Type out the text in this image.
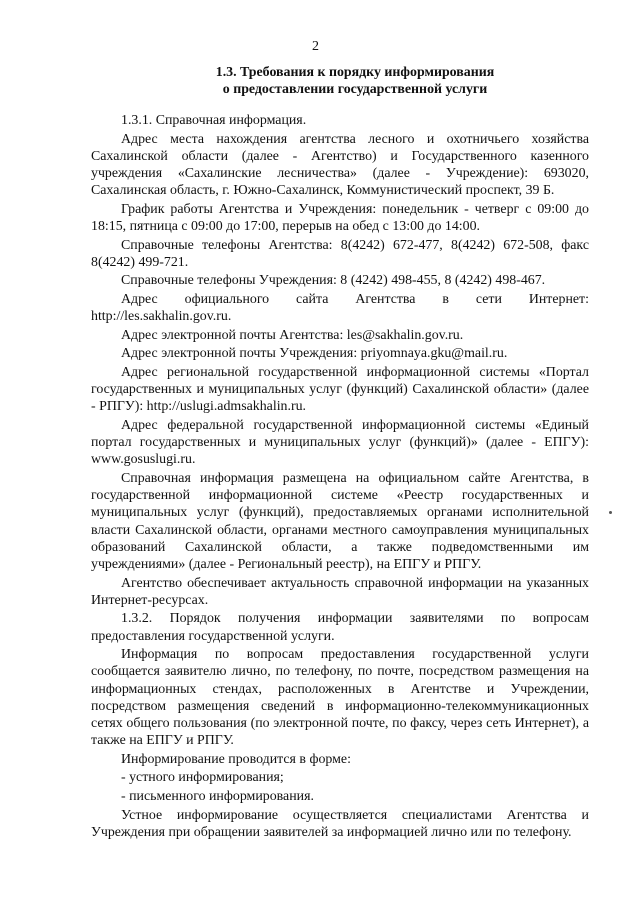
2

1.3. Требования к порядку информирования

о предоставлении государственной услуги

1.3.1. Справочная информация.

Адрес места нахождения агентства лесного и охотничьего хозяйства Сахалинской области (далее - Агентство) и Государственного казенного учреждения «Сахалинские лесничества» (далее - Учреждение): 693020, Сахалинская область, г. Южно-Сахалинск, Коммунистический проспект, 39 Б.

График работы Агентства и Учреждения: понедельник - четверг с 09:00 до 18:15, пятница с 09:00 до 17:00, перерыв на обед с 13:00 до 14:00.

Справочные телефоны Агентства: 8(4242) 672-477, 8(4242) 672-508, факс 8(4242) 499-721.

Справочные телефоны Учреждения: 8 (4242) 498-455, 8 (4242) 498-467.

Адрес официального сайта Агентства в сети Интернет: http://les.sakhalin.gov.ru.

Адрес электронной почты Агентства: les@sakhalin.gov.ru.

Адрес электронной почты Учреждения: priyomnaya.gku@mail.ru.

Адрес региональной государственной информационной системы «Портал государственных и муниципальных услуг (функций) Сахалинской области» (далее - РПГУ): http://uslugi.admsakhalin.ru.

Адрес федеральной государственной информационной системы «Единый портал государственных и муниципальных услуг (функций)» (далее - ЕПГУ): www.gosuslugi.ru.

Справочная информация размещена на официальном сайте Агентства, в государственной информационной системе «Реестр государственных и муниципальных услуг (функций), предоставляемых органами исполнительной власти Сахалинской области, органами местного самоуправления муниципальных образований Сахалинской области, а также подведомственными им учреждениями» (далее - Региональный реестр), на ЕПГУ и РПГУ.

Агентство обеспечивает актуальность справочной информации на указанных Интернет-ресурсах.

1.3.2. Порядок получения информации заявителями по вопросам предоставления государственной услуги.

Информация по вопросам предоставления государственной услуги сообщается заявителю лично, по телефону, по почте, посредством размещения на информационных стендах, расположенных в Агентстве и Учреждении, посредством размещения сведений в информационно-телекоммуникационных сетях общего пользования (по электронной почте, по факсу, через сеть Интернет), а также на ЕПГУ и РПГУ.

Информирование проводится в форме:

- устного информирования;

- письменного информирования.

Устное информирование осуществляется специалистами Агентства и Учреждения при обращении заявителей за информацией лично или по телефону.
